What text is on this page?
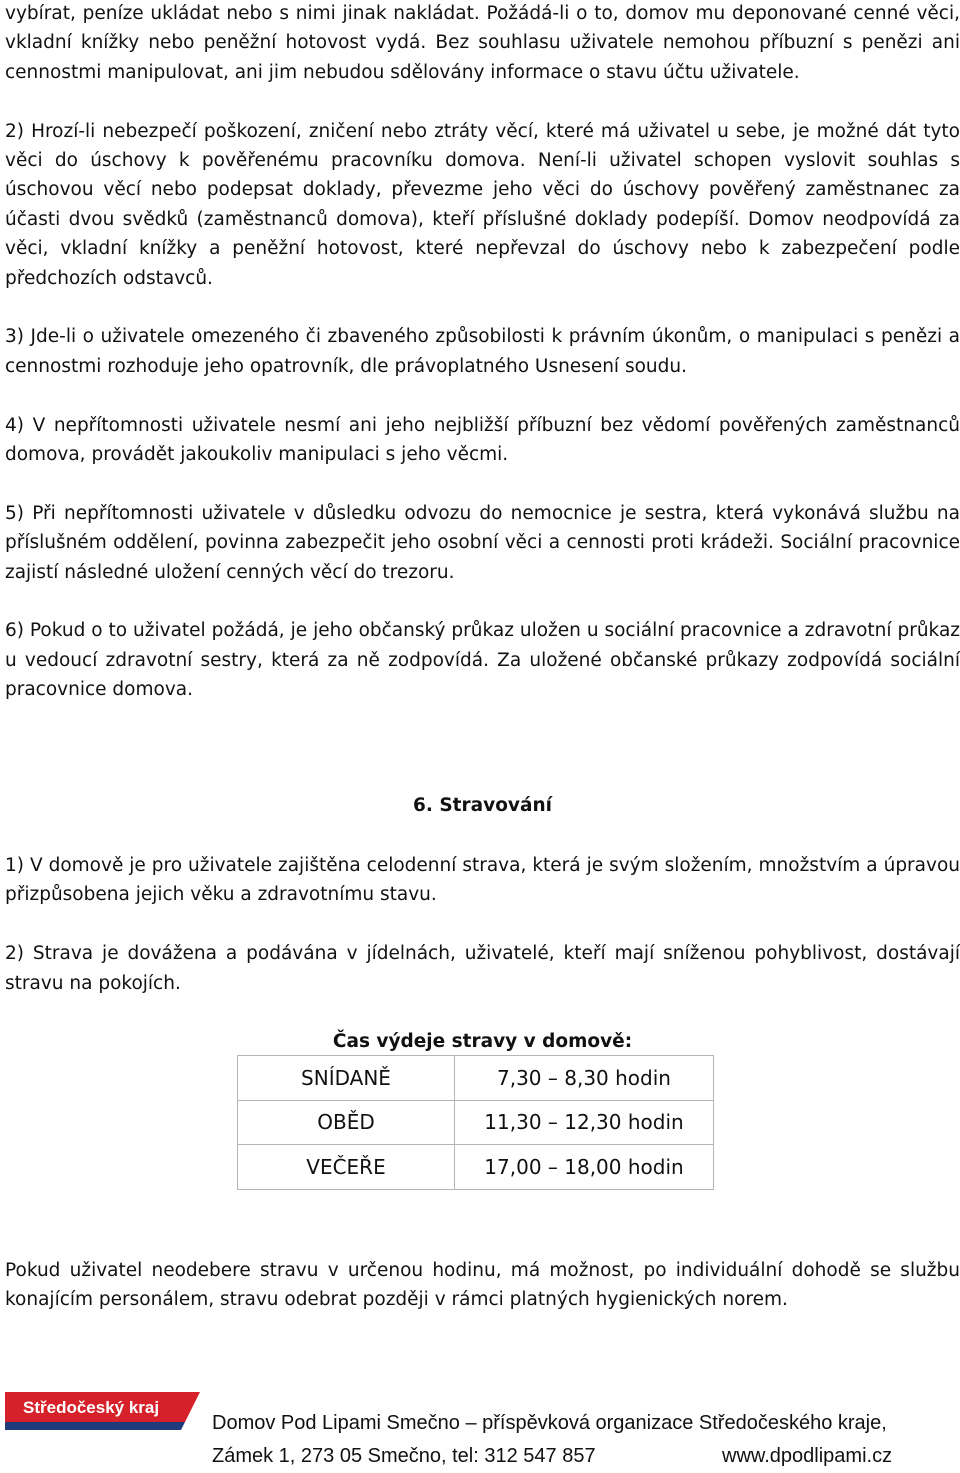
vybírat, peníze ukládat nebo s nimi jinak nakládat. Požádá-li o to, domov mu deponované cenné věci, vkladní knížky nebo peněžní hotovost vydá. Bez souhlasu uživatele nemohou příbuzní s penězi ani cennostmi manipulovat, ani jim nebudou sdělovány informace o stavu účtu uživatele.

2) Hrozí-li nebezpečí poškození, zničení nebo ztráty věcí, které má uživatel u sebe, je možné dát tyto věci do úschovy k pověřenému pracovníku domova. Není-li uživatel schopen vyslovit souhlas s úschovou věcí nebo podepsat doklady, převezme jeho věci do úschovy pověřený zaměstnanec za účasti dvou svědků (zaměstnanců domova), kteří příslušné doklady podepíší. Domov neodpovídá za věci, vkladní knížky a peněžní hotovost, které nepřevzal do úschovy nebo k zabezpečení podle předchozích odstavců.

3) Jde-li o uživatele omezeného či zbaveného způsobilosti k právním úkonům, o manipulaci s penězi a cennostmi rozhoduje jeho opatrovník, dle právoplatného Usnesení soudu.

4) V nepřítomnosti uživatele nesmí ani jeho nejbližší příbuzní bez vědomí pověřených zaměstnanců domova, provádět jakoukoliv manipulaci s jeho věcmi.

5) Při nepřítomnosti uživatele v důsledku odvozu do nemocnice je sestra, která vykonává službu na příslušném oddělení, povinna zabezpečit jeho osobní věci a cennosti proti krádeži. Sociální pracovnice zajistí následné uložení cenných věcí do trezoru.

6) Pokud o to uživatel požádá, je jeho občanský průkaz uložen u sociální pracovnice a zdravotní průkaz u vedoucí zdravotní sestry, která za ně zodpovídá. Za uložené občanské průkazy zodpovídá sociální pracovnice domova.

6. Stravování

1) V domově je pro uživatele zajištěna celodenní strava, která je svým složením, množstvím a úpravou přizpůsobena jejich věku a zdravotnímu stavu.

2) Strava je dovážena a podávána v jídelnách, uživatelé, kteří mají sníženou pohyblivost, dostávají stravu na pokojích.

Čas výdeje stravy v domově:

Pokud uživatel neodebere stravu v určenou hodinu, má možnost, po individuální dohodě se službu konajícím personálem, stravu odebrat později v rámci platných hygienických norem.

SNÍDANĚ	7,30 – 8,30 hodin
OBĚD	11,30 – 12,30 hodin
VEČEŘE	17,00 – 18,00 hodin
Středočeský kraj
Domov Pod Lipami Smečno – příspěvková organizace Středočeského kraje,
Zámek 1, 273 05 Smečno, tel: 312 547 857	www.dpodlipami.cz
